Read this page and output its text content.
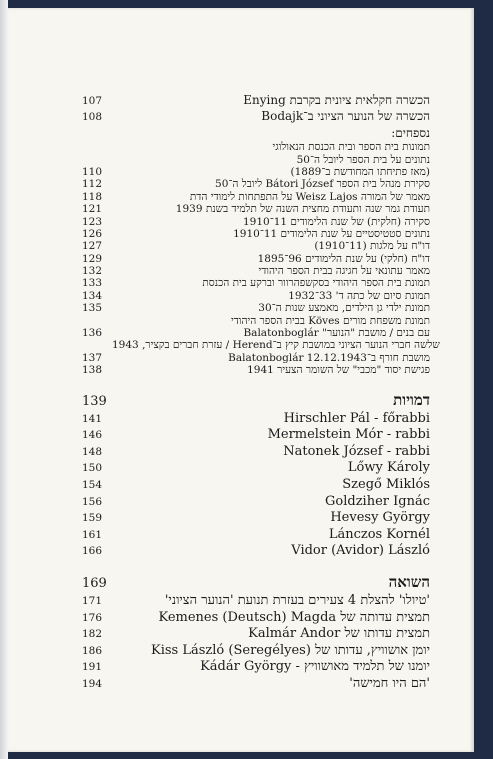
107	הכשרה חקלאית ציונית בקרבת Enying
108	הכשרה של הנוער הציוני ב־Bodajk
נספחים:
תמונות בית הספר ובית הכנסת הנאולוגי
נתונים על בית הספר ליובל ה־50
110	(מאז פתיחתו המחודשת ב־1889)
112	סקירת מנהל בית הספר Bátori József ליובל ה־50
118	מאמר של המורה Weisz Lajos על התפתחות לימודי הדת
121	תעודת גמר שנה ותעודת מחצית השנה של תלמיד בשנת 1939
123	סקירה (חלקית) של שנת הלימודים 11־1910
126	נתונים סטטיסטיים על שנת הלימודים 11־1910
127	דו"ח על מלגות (11־1910)
129	דו"ח (חלקי) על שנת הלימודים 96־1895
132	מאמר עתונאי על חגיגה בבית הספר היהודי
133	תמונת בית הספר היהודי בסקשפהרוור וברקע בית הכנסת
134	תמונת סיום של כתה ד' 33־1932
135	תמונת ילדי גן הילדים, מאמצע שנות ה־30
תמונת משפחת מורים Köves בבית הספר היהודי
136	עם בנים / מושבת "הנוער" Balatonboglár
שלשה חברי הנוער הציוני במושבת קיץ ב־Herend / עזרת חברים בקציר, 1943
137	מושבת חורף ב־Balatonboglár 12.12.1943
138	פגישת יסוד "מכבי" של השומר הצעיר 1941
139	דמויות
141	Hirschler Pál - főrabbi
146	Mermelstein Mór - rabbi
148	Natonek József - rabbi
150	Lőwy Károly
154	Szegő Miklós
156	Goldziher Ignác
159	Hevesy György
161	Lánczos Kornél
166	Vidor (Avidor) László
169	השואה
171	'טיולו' להצלת 4 צעירים בעזרת תנועת 'הנוער הציוני'
176	תמצית עדותה של Kemenes (Deutsch) Magda
182	תמצית עדותו של Kalmár Andor
186	יומן אושוויץ, עדותו של (Seregélyes) Kiss László
191	יומנו של תלמיד מאושוויץ - Kádár György
194	'הם היו חמישה'
